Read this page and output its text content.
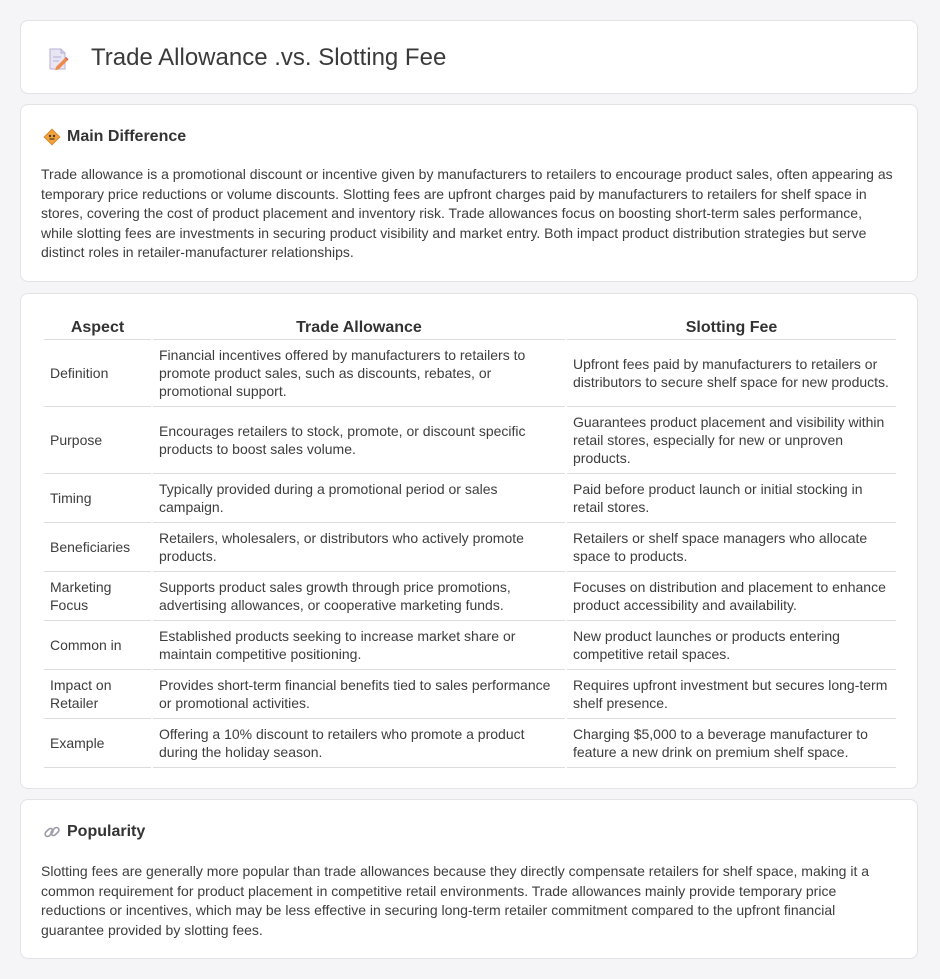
Trade Allowance .vs. Slotting Fee
Main Difference

Trade allowance is a promotional discount or incentive given by manufacturers to retailers to encourage product sales, often appearing as temporary price reductions or volume discounts. Slotting fees are upfront charges paid by manufacturers to retailers for shelf space in stores, covering the cost of product placement and inventory risk. Trade allowances focus on boosting short-term sales performance, while slotting fees are investments in securing product visibility and market entry. Both impact product distribution strategies but serve distinct roles in retailer-manufacturer relationships.

Aspect	Trade Allowance	Slotting Fee
Definition	Financial incentives offered by manufacturers to retailers to promote product sales, such as discounts, rebates, or promotional support.	Upfront fees paid by manufacturers to retailers or distributors to secure shelf space for new products.
Purpose	Encourages retailers to stock, promote, or discount specific products to boost sales volume.	Guarantees product placement and visibility within retail stores, especially for new or unproven products.
Timing	Typically provided during a promotional period or sales campaign.	Paid before product launch or initial stocking in retail stores.
Beneficiaries	Retailers, wholesalers, or distributors who actively promote products.	Retailers or shelf space managers who allocate space to products.
Marketing Focus	Supports product sales growth through price promotions, advertising allowances, or cooperative marketing funds.	Focuses on distribution and placement to enhance product accessibility and availability.
Common in	Established products seeking to increase market share or maintain competitive positioning.	New product launches or products entering competitive retail spaces.
Impact on Retailer	Provides short-term financial benefits tied to sales performance or promotional activities.	Requires upfront investment but secures long-term shelf presence.
Example	Offering a 10% discount to retailers who promote a product during the holiday season.	Charging $5,000 to a beverage manufacturer to feature a new drink on premium shelf space.
Popularity

Slotting fees are generally more popular than trade allowances because they directly compensate retailers for shelf space, making it a common requirement for product placement in competitive retail environments. Trade allowances mainly provide temporary price reductions or incentives, which may be less effective in securing long-term retailer commitment compared to the upfront financial guarantee provided by slotting fees.
